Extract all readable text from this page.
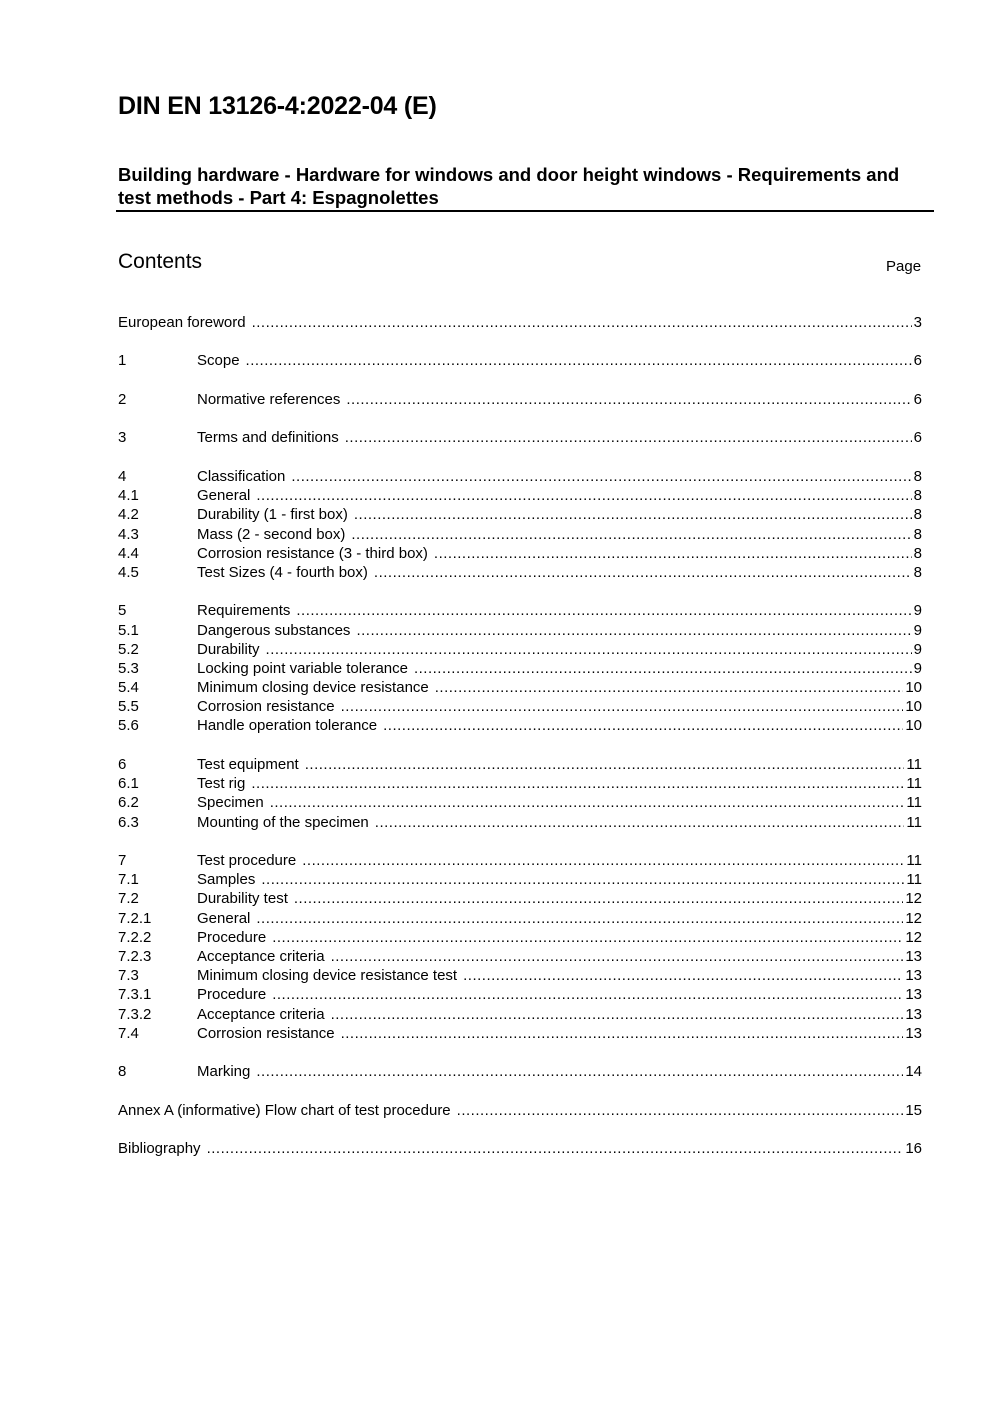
DIN EN 13126-4:2022-04 (E)
Building hardware - Hardware for windows and door height windows - Requirements and test methods - Part 4: Espagnolettes
Contents	Page
European foreword .....	3
1	Scope .....	6
2	Normative references .....	6
3	Terms and definitions .....	6
4	Classification .....	8
4.1	General .....	8
4.2	Durability (1 - first box) .....	8
4.3	Mass (2 - second box) .....	8
4.4	Corrosion resistance (3 - third box) .....	8
4.5	Test Sizes (4 - fourth box) .....	8
5	Requirements .....	9
5.1	Dangerous substances .....	9
5.2	Durability .....	9
5.3	Locking point variable tolerance .....	9
5.4	Minimum closing device resistance .....	10
5.5	Corrosion resistance .....	10
5.6	Handle operation tolerance .....	10
6	Test equipment .....	11
6.1	Test rig .....	11
6.2	Specimen .....	11
6.3	Mounting of the specimen .....	11
7	Test procedure .....	11
7.1	Samples .....	11
7.2	Durability test .....	12
7.2.1	General .....	12
7.2.2	Procedure .....	12
7.2.3	Acceptance criteria .....	13
7.3	Minimum closing device resistance test .....	13
7.3.1	Procedure .....	13
7.3.2	Acceptance criteria .....	13
7.4	Corrosion resistance .....	13
8	Marking .....	14
Annex A (informative) Flow chart of test procedure .....	15
Bibliography .....	16
